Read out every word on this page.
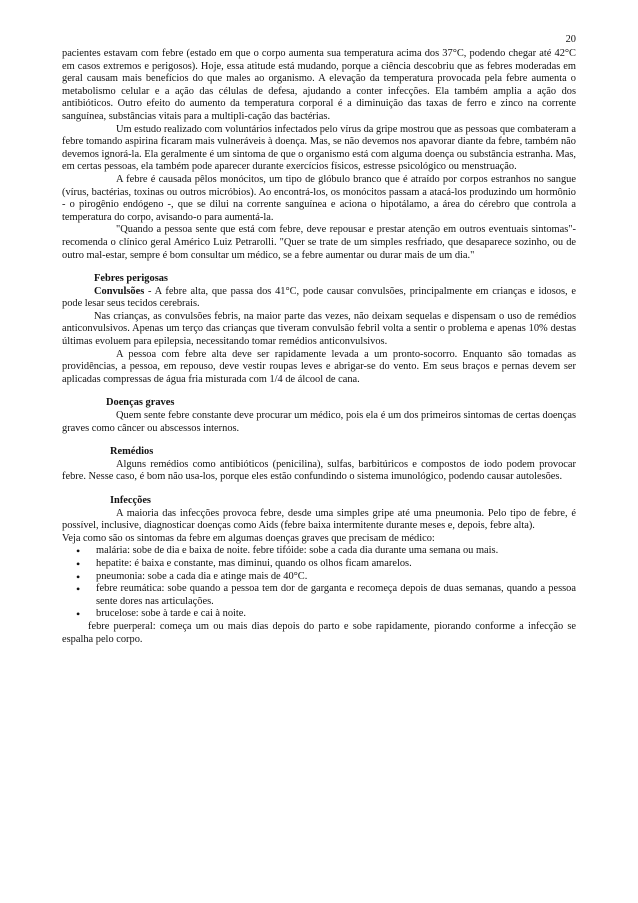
20

pacientes estavam com febre (estado em que o corpo aumenta sua temperatura acima dos 37°C, podendo chegar até 42°C em casos extremos e perigosos). Hoje, essa atitude está mudando, porque a ciência descobriu que as febres moderadas em geral causam mais benefícios do que males ao organismo. A elevação da temperatura provocada pela febre aumenta o metabolismo celular e a ação das células de defesa, ajudando a conter infecções. Ela também amplia a ação dos antibióticos. Outro efeito do aumento da temperatura corporal é a diminuição das taxas de ferro e zinco na corrente sanguínea, substâncias vitais para a multipli-cação das bactérias.

Um estudo realizado com voluntários infectados pelo vírus da gripe mostrou que as pessoas que combateram a febre tomando aspirina ficaram mais vulneráveis à doença. Mas, se não devemos nos apavorar diante da febre, também não devemos ignorá-la. Ela geralmente é um sintoma de que o organismo está com alguma doença ou substância estranha. Mas, em certas pessoas, ela também pode aparecer durante exercícios físicos, estresse psicológico ou menstruação.

A febre é causada pêlos monócitos, um tipo de glóbulo branco que é atraído por corpos estranhos no sangue (vírus, bactérias, toxinas ou outros micróbios). Ao encontrá-los, os monócitos passam a atacá-los produzindo um hormônio - o pirogênio endógeno -, que se dilui na corrente sanguínea e aciona o hipotálamo, a área do cérebro que controla a temperatura do corpo, avisando-o para aumentá-la.

"Quando a pessoa sente que está com febre, deve repousar e prestar atenção em outros eventuais sintomas"- recomenda o clínico geral Américo Luiz Petrarolli. "Quer se trate de um simples resfriado, que desaparece sozinho, ou de outro mal-estar, sempre é bom consultar um médico, se a febre aumentar ou durar mais de um dia."

Febres perigosas

Convulsões - A febre alta, que passa dos 41°C, pode causar convulsões, principalmente em crianças e idosos, e pode lesar seus tecidos cerebrais.

Nas crianças, as convulsões febris, na maior parte das vezes, não deixam sequelas e dispensam o uso de remédios anticonvulsivos. Apenas um terço das crianças que tiveram convulsão febril volta a sentir o problema e apenas 10% destas últimas evoluem para epilepsia, necessitando tomar remédios anticonvulsivos.

A pessoa com febre alta deve ser rapidamente levada a um pronto-socorro. Enquanto são tomadas as providências, a pessoa, em repouso, deve vestir roupas leves e abrigar-se do vento. Em seus braços e pernas devem ser aplicadas compressas de água fria misturada com 1/4 de álcool de cana.

Doenças graves

Quem sente febre constante deve procurar um médico, pois ela é um dos primeiros sintomas de certas doenças graves como câncer ou abscessos internos.

Remédios

Alguns remédios como antibióticos (penicilina), sulfas, barbitúricos e compostos de iodo podem provocar febre. Nesse caso, é bom não usa-los, porque eles estão confundindo o sistema imunológico, podendo causar autolesões.

Infecções

A maioria das infecções provoca febre, desde uma simples gripe até uma pneumonia. Pelo tipo de febre, é possível, inclusive, diagnosticar doenças como Aids (febre baixa intermitente durante meses e, depois, febre alta).

Veja como são os sintomas da febre em algumas doenças graves que precisam de médico:

• malária: sobe de dia e baixa de noite. febre tifóide: sobe a cada dia durante uma semana ou mais.
• hepatite: é baixa e constante, mas diminui, quando os olhos ficam amarelos.
• pneumonia: sobe a cada dia e atinge mais de 40°C.
• febre reumática: sobe quando a pessoa tem dor de garganta e recomeça depois de duas semanas, quando a pessoa sente dores nas articulações.
• brucelose: sobe à tarde e cai à noite.

febre puerperal: começa um ou mais dias depois do parto e sobe rapidamente, piorando conforme a infecção se espalha pelo corpo.
